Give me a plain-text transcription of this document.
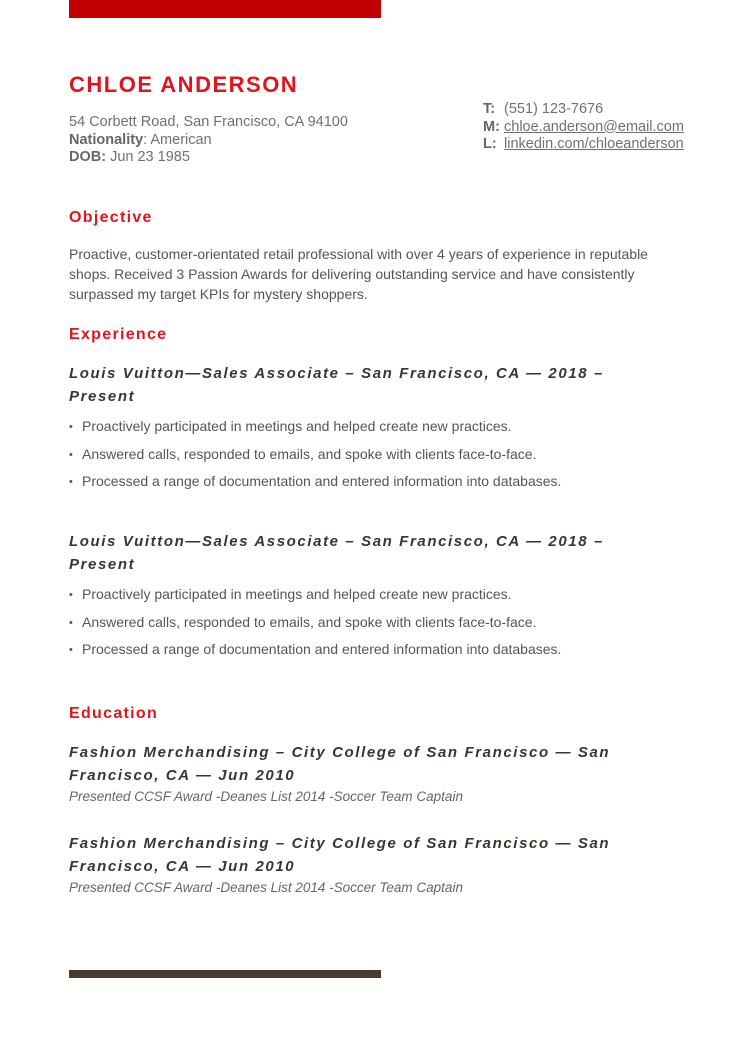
CHLOE ANDERSON
54 Corbett Road, San Francisco, CA 94100
Nationality: American
DOB: Jun 23 1985
T: (551) 123-7676
M: chloe.anderson@email.com
L: linkedin.com/chloeanderson
Objective

Proactive, customer-orientated retail professional with over 4 years of experience in reputable shops. Received 3 Passion Awards for delivering outstanding service and have consistently surpassed my target KPIs for mystery shoppers.

Experience
Louis Vuitton—Sales Associate – San Francisco, CA — 2018 – Present
• Proactively participated in meetings and helped create new practices.
• Answered calls, responded to emails, and spoke with clients face-to-face.
• Processed a range of documentation and entered information into databases.
Louis Vuitton—Sales Associate – San Francisco, CA — 2018 – Present
• Proactively participated in meetings and helped create new practices.
• Answered calls, responded to emails, and spoke with clients face-to-face.
• Processed a range of documentation and entered information into databases.
Education
Fashion Merchandising – City College of San Francisco — San Francisco, CA — Jun 2010

Presented CCSF Award -Deanes List 2014 -Soccer Team Captain

Fashion Merchandising – City College of San Francisco — San Francisco, CA — Jun 2010

Presented CCSF Award -Deanes List 2014 -Soccer Team Captain
